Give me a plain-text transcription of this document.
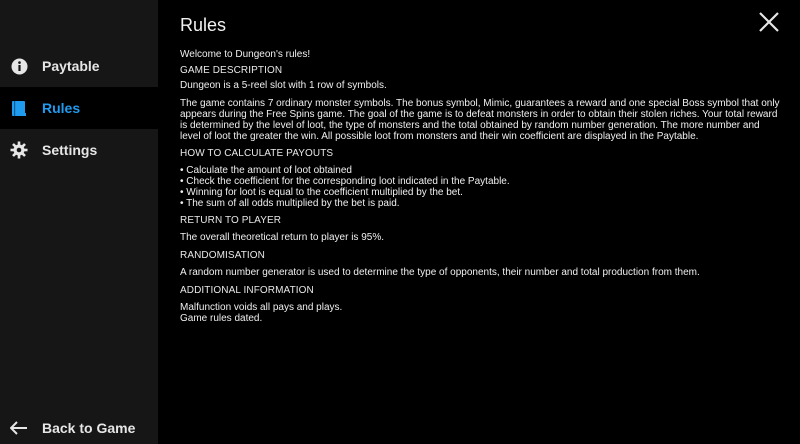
Paytable
Rules
Settings
Back to Game
Rules

Welcome to Dungeon's rules!

GAME DESCRIPTION

Dungeon is a 5-reel slot with 1 row of symbols.

The game contains 7 ordinary monster symbols. The bonus symbol, Mimic, guarantees a reward and one special Boss symbol that only appears during the Free Spins game. The goal of the game is to defeat monsters in order to obtain their stolen riches. Your total reward is determined by the level of loot, the type of monsters and the total obtained by random number generation. The more number and level of loot the greater the win. All possible loot from monsters and their win coefficient are displayed in the Paytable.

HOW TO CALCULATE PAYOUTS

• Calculate the amount of loot obtained
• Check the coefficient for the corresponding loot indicated in the Paytable.
• Winning for loot is equal to the coefficient multiplied by the bet.
• The sum of all odds multiplied by the bet is paid.

RETURN TO PLAYER

The overall theoretical return to player is 95%.

RANDOMISATION

A random number generator is used to determine the type of opponents, their number and total production from them.

ADDITIONAL INFORMATION

Malfunction voids all pays and plays.

Game rules dated.
